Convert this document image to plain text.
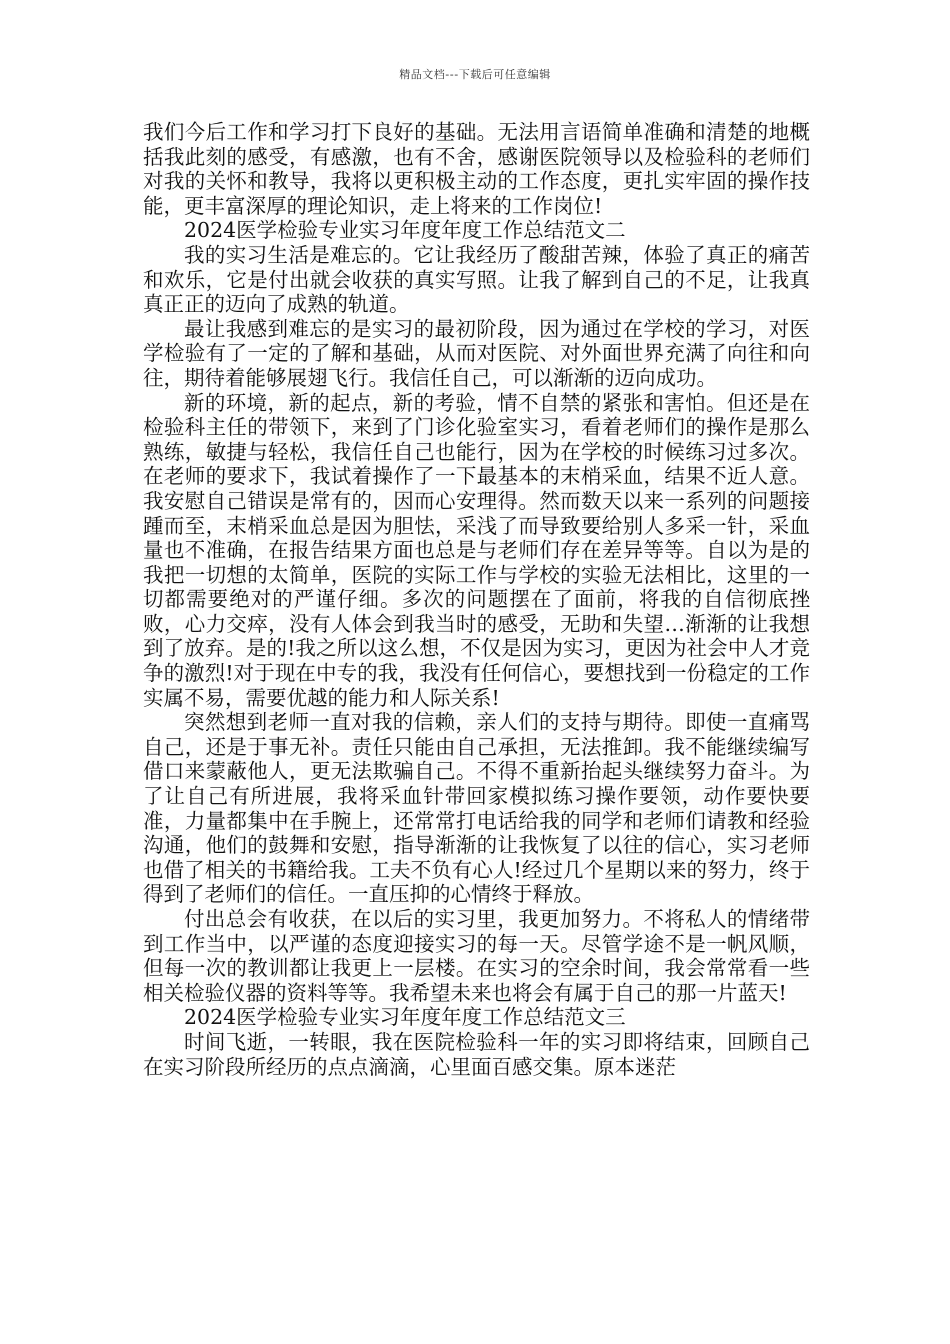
精品文档---下载后可任意编辑

我们今后工作和学习打下良好的基础。无法用言语简单准确和清楚的地概括我此刻的感受，有感激，也有不舍，感谢医院领导以及检验科的老师们对我的关怀和教导，我将以更积极主动的工作态度，更扎实牢固的操作技能，更丰富深厚的理论知识，走上将来的工作岗位!

2024医学检验专业实习年度年度工作总结范文二

我的实习生活是难忘的。它让我经历了酸甜苦辣，体验了真正的痛苦和欢乐，它是付出就会收获的真实写照。让我了解到自己的不足，让我真真正正的迈向了成熟的轨道。

最让我感到难忘的是实习的最初阶段，因为通过在学校的学习，对医学检验有了一定的了解和基础，从而对医院、对外面世界充满了向往和向往，期待着能够展翅飞行。我信任自己，可以渐渐的迈向成功。

新的环境，新的起点，新的考验，情不自禁的紧张和害怕。但还是在检验科主任的带领下，来到了门诊化验室实习，看着老师们的操作是那么熟练，敏捷与轻松，我信任自己也能行，因为在学校的时候练习过多次。在老师的要求下，我试着操作了一下最基本的末梢采血，结果不近人意。我安慰自己错误是常有的，因而心安理得。然而数天以来一系列的问题接踵而至，末梢采血总是因为胆怯，采浅了而导致要给别人多采一针，采血量也不准确，在报告结果方面也总是与老师们存在差异等等。自以为是的我把一切想的太简单，医院的实际工作与学校的实验无法相比，这里的一切都需要绝对的严谨仔细。多次的问题摆在了面前，将我的自信彻底挫败，心力交瘁，没有人体会到我当时的感受，无助和失望…渐渐的让我想到了放弃。是的!我之所以这么想，不仅是因为实习，更因为社会中人才竞争的激烈!对于现在中专的我，我没有任何信心，要想找到一份稳定的工作实属不易，需要优越的能力和人际关系!

突然想到老师一直对我的信赖，亲人们的支持与期待。即使一直痛骂自己，还是于事无补。责任只能由自己承担，无法推卸。我不能继续编写借口来蒙蔽他人，更无法欺骗自己。不得不重新抬起头继续努力奋斗。为了让自己有所进展，我将采血针带回家模拟练习操作要领，动作要快要准，力量都集中在手腕上，还常常打电话给我的同学和老师们请教和经验沟通，他们的鼓舞和安慰，指导渐渐的让我恢复了以往的信心，实习老师也借了相关的书籍给我。工夫不负有心人!经过几个星期以来的努力，终于得到了老师们的信任。一直压抑的心情终于释放。

付出总会有收获，在以后的实习里，我更加努力。不将私人的情绪带到工作当中，以严谨的态度迎接实习的每一天。尽管学途不是一帆风顺，但每一次的教训都让我更上一层楼。在实习的空余时间，我会常常看一些相关检验仪器的资料等等。我希望未来也将会有属于自己的那一片蓝天!

2024医学检验专业实习年度年度工作总结范文三

时间飞逝，一转眼，我在医院检验科一年的实习即将结束，回顾自己在实习阶段所经历的点点滴滴，心里面百感交集。原本迷茫
